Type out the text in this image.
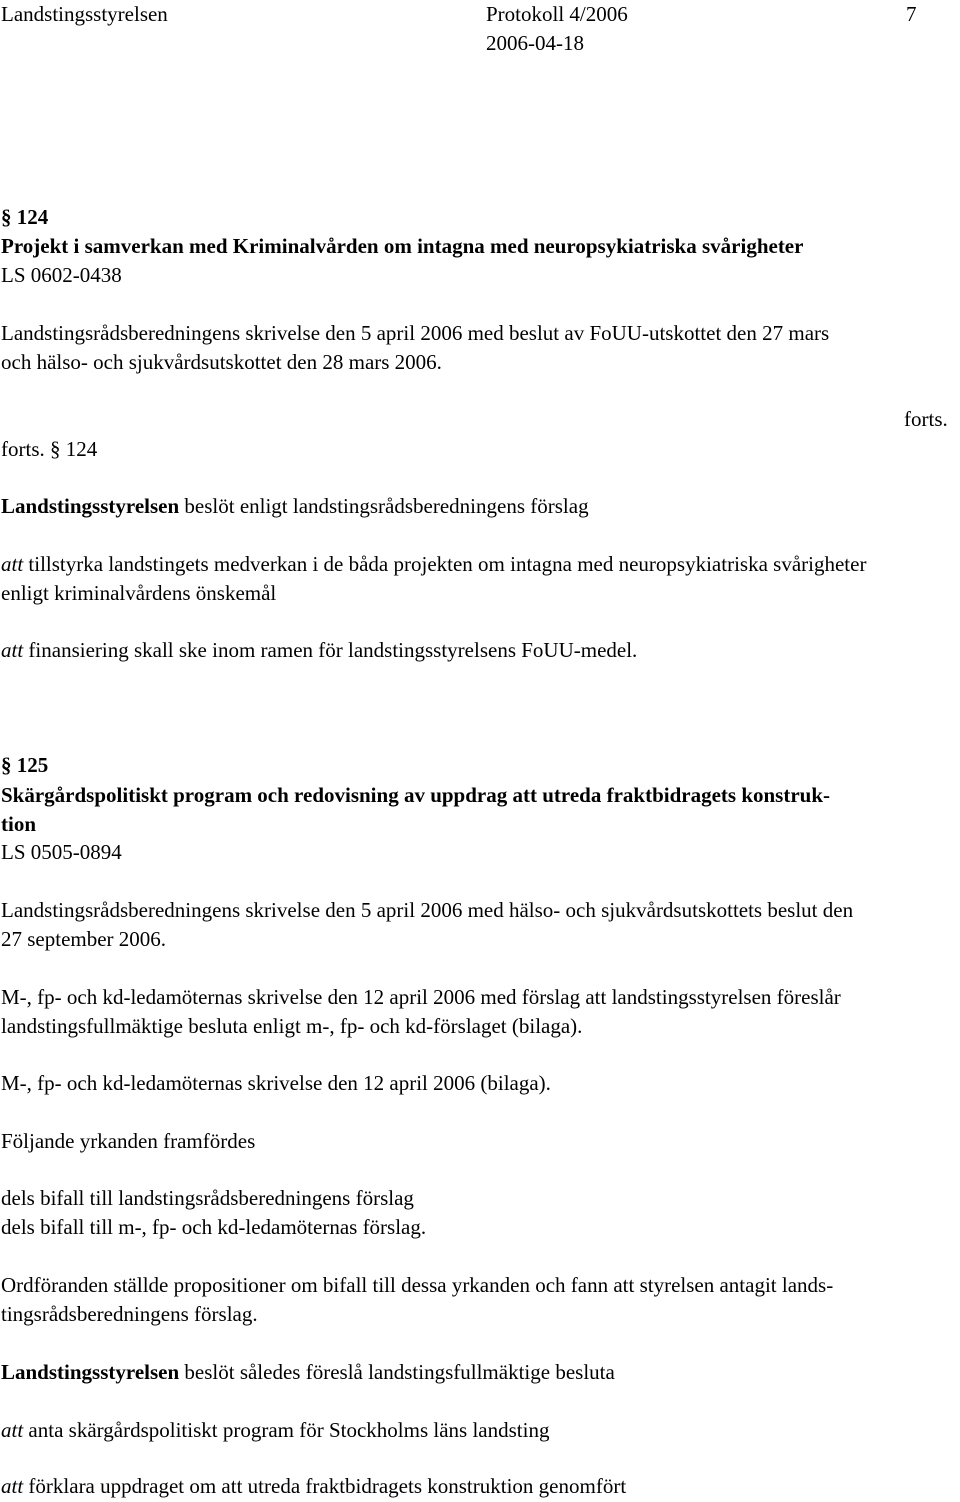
Landstingsstyrelsen	Protokoll 4/2006	7
2006-04-18
§ 124
Projekt i samverkan med Kriminalvården om intagna med neuropsykiatriska svårigheter
LS 0602-0438
Landstingsrådsberedningens skrivelse den 5 april 2006 med beslut av FoUU-utskottet den 27 mars
och hälso- och sjukvårdsutskottet den 28 mars 2006.
forts.
forts. § 124
Landstingsstyrelsen beslöt enligt landstingsrådsberedningens förslag
att tillstyrka landstingets medverkan i de båda projekten om intagna med neuropsykiatriska svårigheter
enligt kriminalvårdens önskemål
att finansiering skall ske inom ramen för landstingsstyrelsens FoUU-medel.
§ 125
Skärgårdspolitiskt program och redovisning av uppdrag att utreda fraktbidragets konstruk-
tion
LS 0505-0894
Landstingsrådsberedningens skrivelse den 5 april 2006 med hälso- och sjukvårdsutskottets beslut den
27 september 2006.
M-, fp- och kd-ledamöternas skrivelse den 12 april 2006 med förslag att landstingsstyrelsen föreslår
landstingsfullmäktige besluta enligt m-, fp- och kd-förslaget (bilaga).
M-, fp- och kd-ledamöternas skrivelse den 12 april 2006 (bilaga).
Följande yrkanden framfördes
dels bifall till landstingsrådsberedningens förslag
dels bifall till m-, fp- och kd-ledamöternas förslag.
Ordföranden ställde propositioner om bifall till dessa yrkanden och fann att styrelsen antagit lands-
tingsrådsberedningens förslag.
Landstingsstyrelsen beslöt således föreslå landstingsfullmäktige besluta
att anta skärgårdspolitiskt program för Stockholms läns landsting
att förklara uppdraget om att utreda fraktbidragets konstruktion genomfört
